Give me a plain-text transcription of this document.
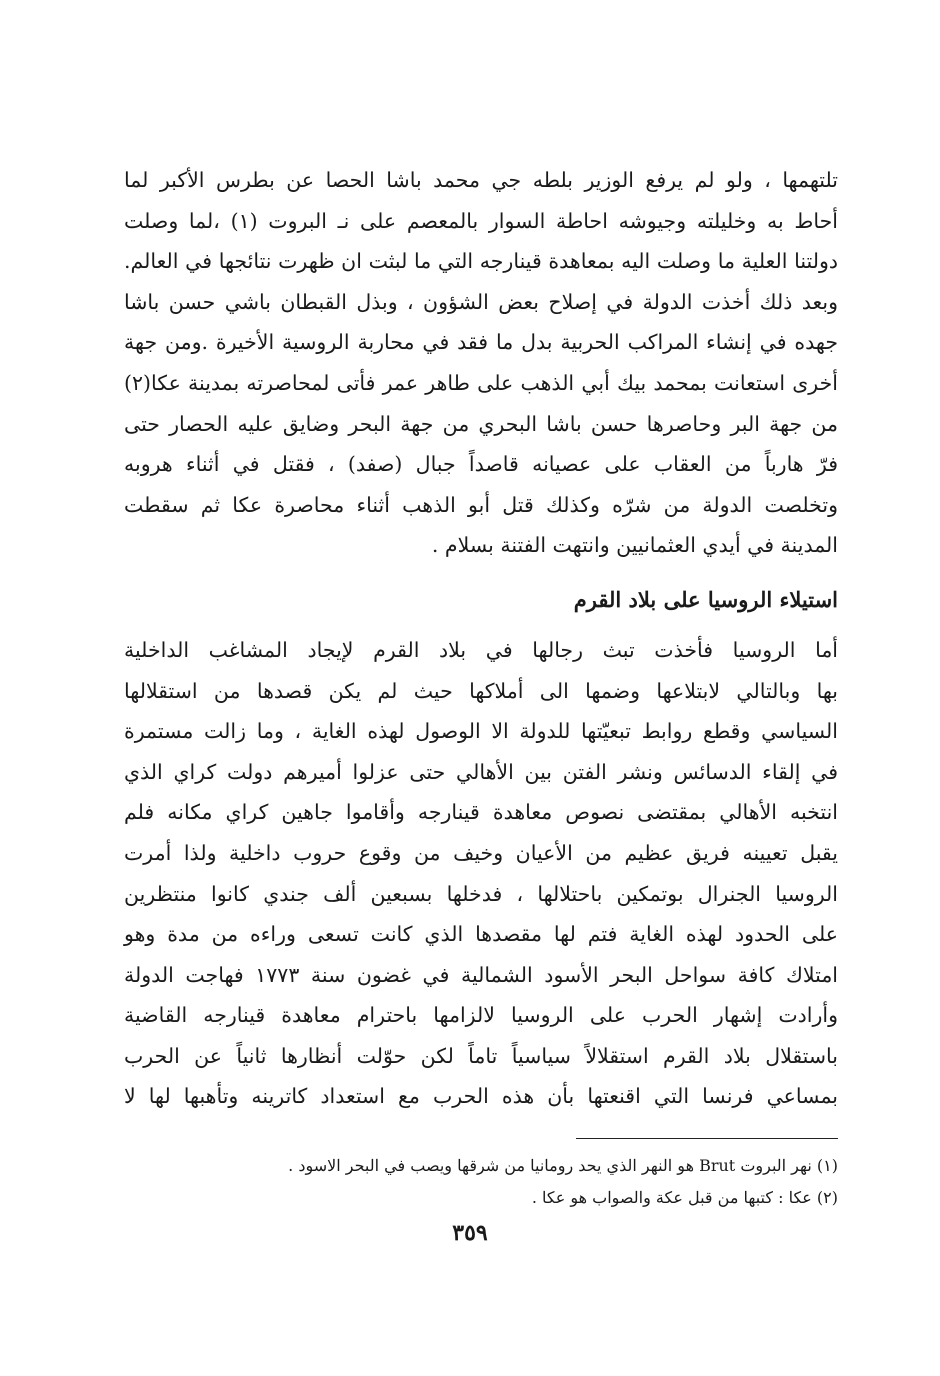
تلتهمها ، ولو لم يرفع الوزير بلطه جي محمد باشا الحصا عن بطرس الأكبر لما
أحاط به وخليلته وجيوشه احاطة السوار بالمعصم على نـ البروت (١) ،لما وصلت
دولتنا العلية ما وصلت اليه بمعاهدة قينارجه التي ما لبثت ان ظهرت نتائجها في العالم.
وبعد ذلك أخذت الدولة في إصلاح بعض الشؤون ، وبذل القبطان باشي حسن باشا
جهده في إنشاء المراكب الحربية بدل ما فقد في محاربة الروسية الأخيرة .ومن جهة
أخرى استعانت بمحمد بيك أبي الذهب على طاهر عمر فأتى لمحاصرته بمدينة عكا(٢)
من جهة البر وحاصرها حسن باشا البحري من جهة البحر وضايق عليه الحصار حتى
فرّ هارباً من العقاب على عصيانه قاصداً جبال (صفد) ، فقتل في أثناء هروبه
وتخلصت الدولة من شرّه وكذلك قتل أبو الذهب أثناء محاصرة عكا ثم سقطت
المدينة في أيدي العثمانيين وانتهت الفتنة بسلام .

استيلاء الروسيا على بلاد القرم

أما الروسيا فأخذت تبث رجالها في بلاد القرم لإيجاد المشاغب الداخلية
بها وبالتالي لابتلاعها وضمها الى أملاكها حيث لم يكن قصدها من استقلالها
السياسي وقطع روابط تبعيّتها للدولة الا الوصول لهذه الغاية ، وما زالت مستمرة
في إلقاء الدسائس ونشر الفتن بين الأهالي حتى عزلوا أميرهم دولت كراي الذي
انتخبه الأهالي بمقتضى نصوص معاهدة قينارجه وأقاموا جاهين كراي مكانه فلم
يقبل تعيينه فريق عظيم من الأعيان وخيف من وقوع حروب داخلية ولذا أمرت
الروسيا الجنرال بوتمكين باحتلالها ، فدخلها بسبعين ألف جندي كانوا منتظرين
على الحدود لهذه الغاية فتم لها مقصدها الذي كانت تسعى وراءه من مدة وهو
امتلاك كافة سواحل البحر الأسود الشمالية في غضون سنة ١٧٧٣ فهاجت الدولة
وأرادت إشهار الحرب على الروسيا لالزامها باحترام معاهدة قينارجه القاضية
باستقلال بلاد القرم استقلالاً سياسياً تاماً لكن حوّلت أنظارها ثانياً عن الحرب
بمساعي فرنسا التي اقنعتها بأن هذه الحرب مع استعداد كاترينه وتأهبها لها لا

(١) نهر البروت Brut هو النهر الذي يحد رومانيا من شرقها ويصب في البحر الاسود .
(٢) عكا : كتبها من قبل عكة والصواب هو عكا .
٣٥٩
